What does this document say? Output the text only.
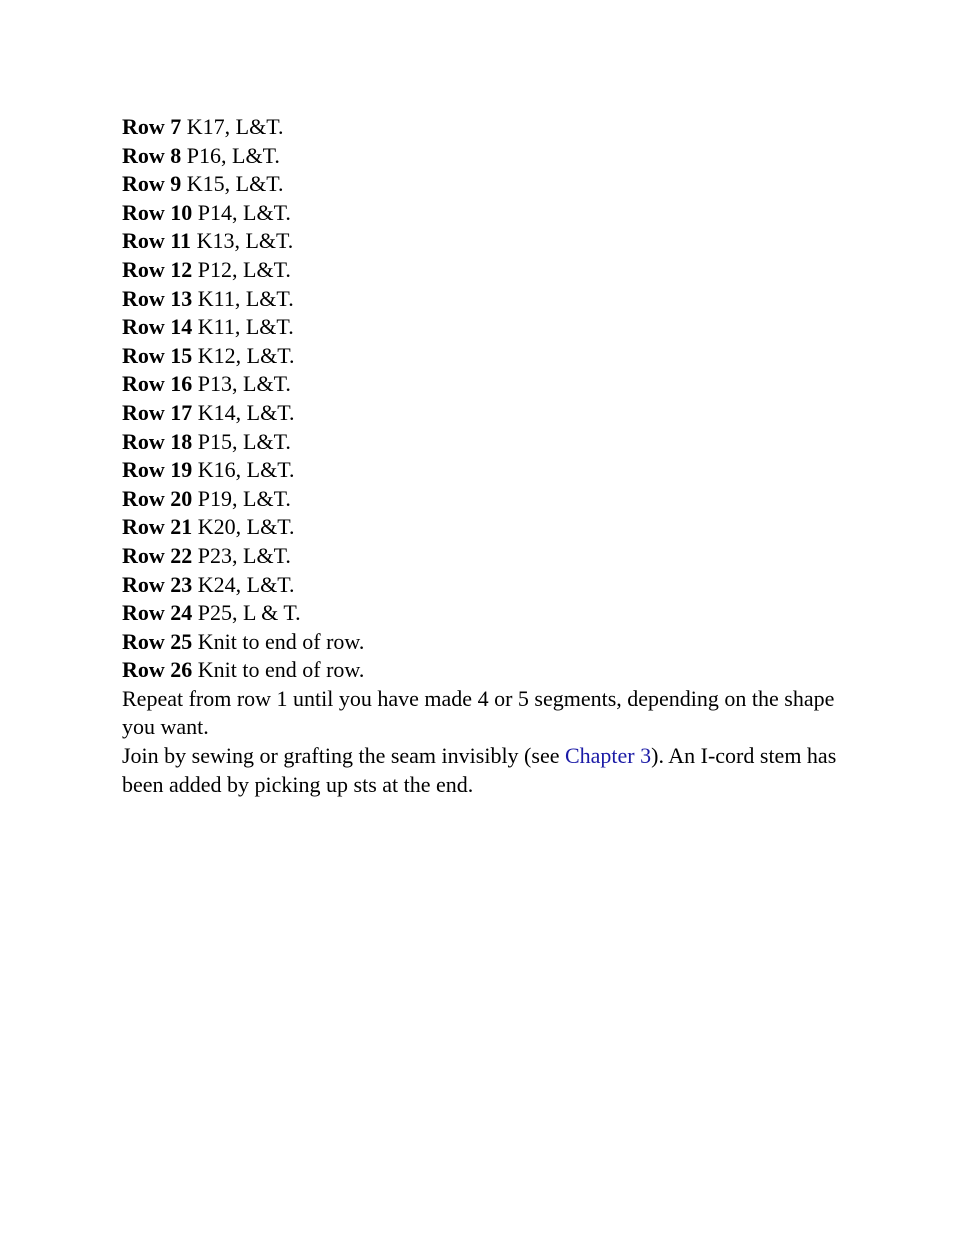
Row 7 K17, L&T.

Row 8 P16, L&T.

Row 9 K15, L&T.

Row 10 P14, L&T.

Row 11 K13, L&T.

Row 12 P12, L&T.

Row 13 K11, L&T.

Row 14 K11, L&T.

Row 15 K12, L&T.

Row 16 P13, L&T.

Row 17 K14, L&T.

Row 18 P15, L&T.

Row 19 K16, L&T.

Row 20 P19, L&T.

Row 21 K20, L&T.

Row 22 P23, L&T.

Row 23 K24, L&T.

Row 24 P25, L & T.

Row 25 Knit to end of row.

Row 26 Knit to end of row.

Repeat from row 1 until you have made 4 or 5 segments, depending on the shape you want.

Join by sewing or grafting the seam invisibly (see Chapter 3). An I-cord stem has been added by picking up sts at the end.
